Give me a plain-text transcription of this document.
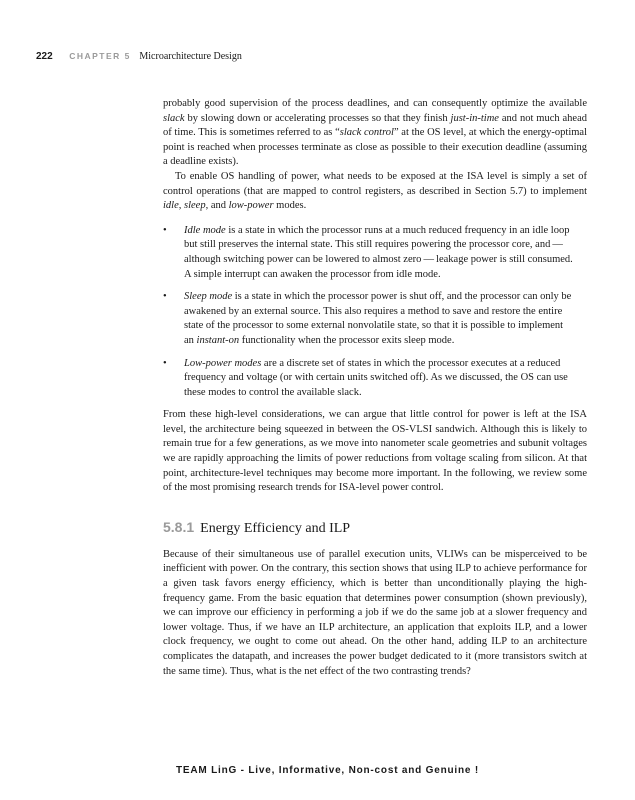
222 CHAPTER 5 Microarchitecture Design

probably good supervision of the process deadlines, and can consequently optimize the available slack by slowing down or accelerating processes so that they finish just-in-time and not much ahead of time. This is sometimes referred to as “slack control” at the OS level, at which the energy-optimal point is reached when processes terminate as close as possible to their execution deadline (assuming a deadline exists).

To enable OS handling of power, what needs to be exposed at the ISA level is simply a set of control operations (that are mapped to control registers, as described in Section 5.7) to implement idle, sleep, and low-power modes.

• Idle mode is a state in which the processor runs at a much reduced frequency in an idle loop but still preserves the internal state. This still requires powering the processor core, and — although switching power can be lowered to almost zero — leakage power is still consumed. A simple interrupt can awaken the processor from idle mode.
• Sleep mode is a state in which the processor power is shut off, and the processor can only be awakened by an external source. This also requires a method to save and restore the entire state of the processor to some external nonvolatile state, so that it is possible to implement an instant-on functionality when the processor exits sleep mode.
• Low-power modes are a discrete set of states in which the processor executes at a reduced frequency and voltage (or with certain units switched off). As we discussed, the OS can use these modes to control the available slack.

From these high-level considerations, we can argue that little control for power is left at the ISA level, the architecture being squeezed in between the OS-VLSI sandwich. Although this is likely to remain true for a few generations, as we move into nanometer scale geometries and subunit voltages we are rapidly approaching the limits of power reductions from voltage scaling from silicon. At that point, architecture-level techniques may become more important. In the following, we review some of the most promising research trends for ISA-level power control.

5.8.1 Energy Efficiency and ILP

Because of their simultaneous use of parallel execution units, VLIWs can be misperceived to be inefficient with power. On the contrary, this section shows that using ILP to achieve performance for a given task favors energy efficiency, which is better than unconditionally playing the high-frequency game. From the basic equation that determines power consumption (shown previously), we can improve our efficiency in performing a job if we do the same job at a slower frequency and lower voltage. Thus, if we have an ILP architecture, an application that exploits ILP, and a lower clock frequency, we ought to come out ahead. On the other hand, adding ILP to an architecture complicates the datapath, and increases the power budget dedicated to it (more transistors switch at the same time). Thus, what is the net effect of the two contrasting trends?

TEAM LinG - Live, Informative, Non-cost and Genuine !
